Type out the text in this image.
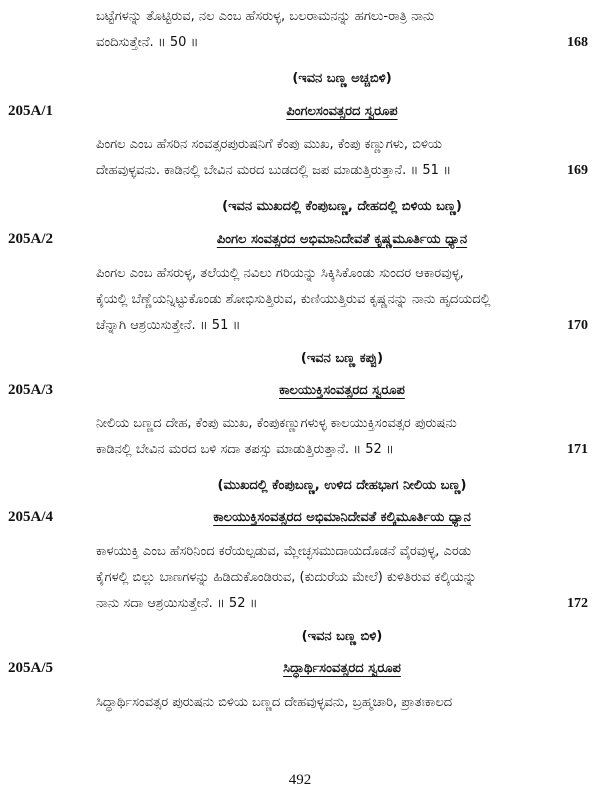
ಬಟ್ಟೆಗಳನ್ನು ತೊಟ್ಟಿರುವ, ನಲ ಎಂಬ ಹೆಸರುಳ್ಳ, ಬಲರಾಮನನ್ನು ಹಗಲು-ರಾತ್ರಿ ನಾನು
ವಂದಿಸುತ್ತೇನೆ. ॥ 50 ॥	168
(ಇವನ ಬಣ್ಣ ಅಚ್ಚಬಿಳಿ)
205A/1	ಪಿಂಗಲಸಂವತ್ಸರದ ಸ್ವರೂಪ
ಪಿಂಗಲ ಎಂಬ ಹೆಸರಿನ ಸಂವತ್ಸರಪುರುಷನಿಗೆ ಕೆಂಪು ಮುಖ, ಕೆಂಪು ಕಣ್ಣುಗಳು, ಬಿಳಿಯ
ದೇಹವುಳ್ಳವನು. ಕಾಡಿನಲ್ಲಿ ಬೇವಿನ ಮರದ ಬುಡದಲ್ಲಿ ಜಪ ಮಾಡುತ್ತಿರುತ್ತಾನೆ. ॥ 51 ॥	169
(ಇವನ ಮುಖದಲ್ಲಿ ಕೆಂಪುಬಣ್ಣ, ದೇಹದಲ್ಲಿ ಬಿಳಿಯ ಬಣ್ಣ)
205A/2	ಪಿಂಗಲ ಸಂವತ್ಸರದ ಅಭಿಮಾನಿದೇವತೆ ಕೃಷ್ಣಮೂರ್ತಿಯ ಧ್ಯಾನ
ಪಿಂಗಲ ಎಂಬ ಹೆಸರುಳ್ಳ, ತಲೆಯಲ್ಲಿ ನವಿಲು ಗರಿಯನ್ನು ಸಿಕ್ಕಿಸಿಕೊಂಡು ಸುಂದರ ಆಕಾರವುಳ್ಳ,
ಕೈಯಲ್ಲಿ ಬೆಣ್ಣೆಯನ್ನಿಟ್ಟುಕೊಂಡು ಶೋಭಿಸುತ್ತಿರುವ, ಕುಣಿಯುತ್ತಿರುವ ಕೃಷ್ಣನನ್ನು ನಾನು ಹೃದಯದಲ್ಲಿ
ಚೆನ್ನಾಗಿ ಆಶ್ರಯಿಸುತ್ತೇನೆ. ॥ 51 ॥	170
(ಇವನ ಬಣ್ಣ ಕಪ್ಪು)
205A/3	ಕಾಲಯುಕ್ತಿಸಂವತ್ಸರದ ಸ್ವರೂಪ
ನೀಲಿಯ ಬಣ್ಣದ ದೇಹ, ಕೆಂಪು ಮುಖ, ಕೆಂಪುಕಣ್ಣುಗಳುಳ್ಳ ಕಾಲಯುಕ್ತಿಸಂವತ್ಸರ ಪುರುಷನು
ಕಾಡಿನಲ್ಲಿ ಬೇವಿನ ಮರದ ಬಳಿ ಸದಾ ತಪಸ್ಸು ಮಾಡುತ್ತಿರುತ್ತಾನೆ. ॥ 52 ॥	171
(ಮುಖದಲ್ಲಿ ಕೆಂಪುಬಣ್ಣ, ಉಳಿದ ದೇಹಭಾಗ ನೀಲಿಯ ಬಣ್ಣ)
205A/4	ಕಾಲಯುಕ್ತಿಸಂವತ್ಸರದ ಅಭಿಮಾನಿದೇವತೆ ಕಲ್ಕಿಮೂರ್ತಿಯ ಧ್ಯಾನ
ಕಾಳಯುಕ್ತಿ ಎಂಬ ಹೆಸರಿನಿಂದ ಕರೆಯಲ್ಪಡುವ, ಮ್ಲೇಚ್ಛಸಮುದಾಯದೊಡನೆ ವೈರವುಳ್ಳ, ಎರಡು
ಕೈಗಳಲ್ಲಿ ಬಿಲ್ಲು ಬಾಣಗಳನ್ನು ಹಿಡಿದುಕೊಂಡಿರುವ, (ಕುದುರೆಯ ಮೇಲೆ) ಕುಳಿತಿರುವ ಕಲ್ಕಿಯನ್ನು
ನಾನು ಸದಾ ಆಶ್ರಯಿಸುತ್ತೇನೆ. ॥ 52 ॥	172
(ಇವನ ಬಣ್ಣ ಬಿಳಿ)
205A/5	ಸಿದ್ಧಾರ್ಥಿಸಂವತ್ಸರದ ಸ್ವರೂಪ
ಸಿದ್ಧಾರ್ಥಿಸಂವತ್ಸರ ಪುರುಷನು ಬಿಳಿಯ ಬಣ್ಣದ ದೇಹವುಳ್ಳವನು, ಬ್ರಹ್ಮಚಾರಿ, ಪ್ರಾತಃಕಾಲದ
492
